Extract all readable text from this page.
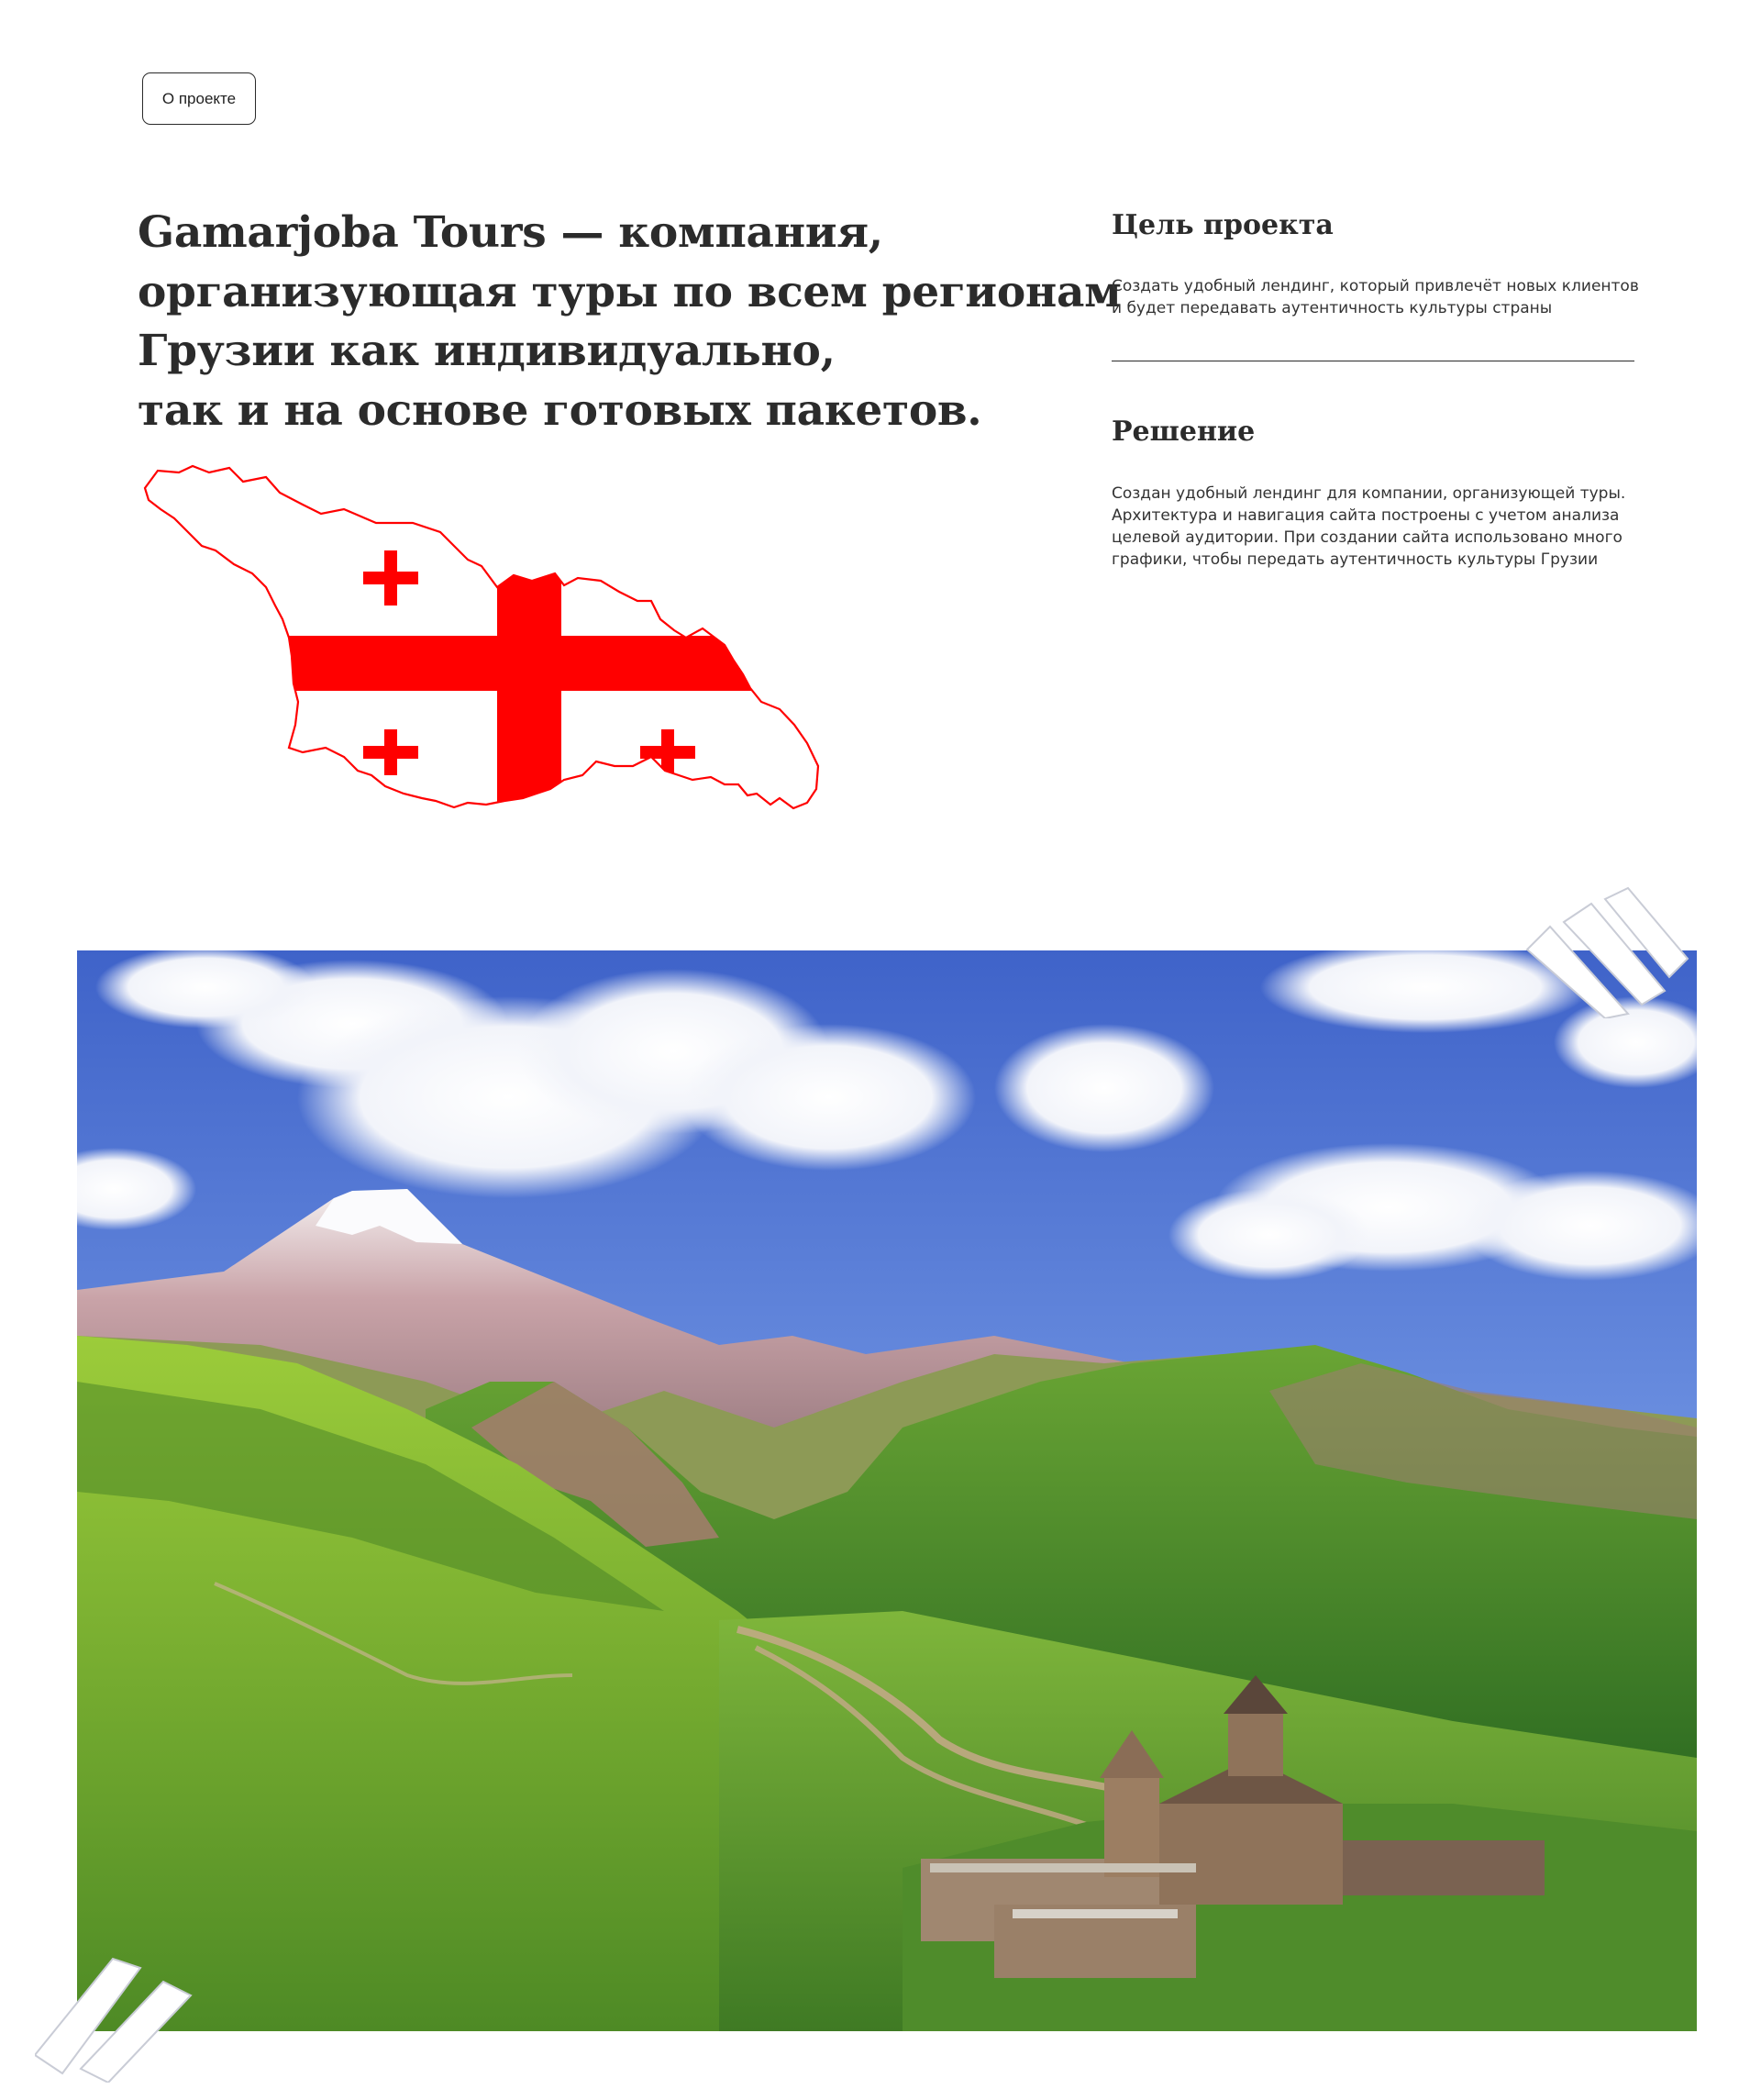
О проекте
Gamarjoba Tours — компания,
организующая туры по всем регионам
Грузии как индивидуально,
так и на основе готовых пакетов.
Цель проекта

Создать удобный лендинг, который привлечёт новых клиентов
и будет передавать аутентичность культуры страны

Решение

Создан удобный лендинг для компании, организующей туры.
Архитектура и навигация сайта построены с учетом анализа
целевой аудитории. При создании сайта использовано много
графики, чтобы передать аутентичность культуры Грузии
